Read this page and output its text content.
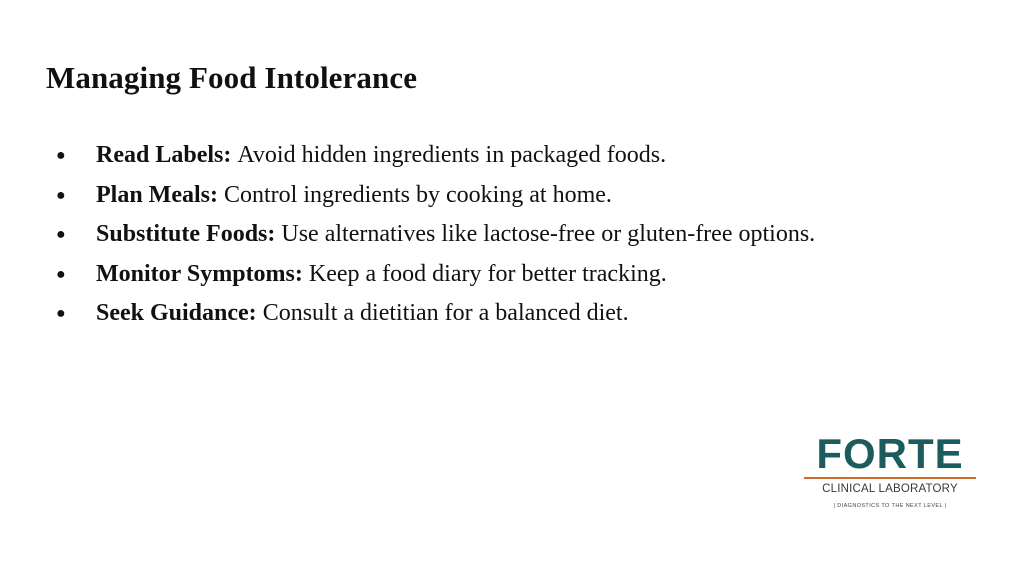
Managing Food Intolerance
●	Read Labels: Avoid hidden ingredients in packaged foods.
●	Plan Meals: Control ingredients by cooking at home.
●	Substitute Foods: Use alternatives like lactose-free or gluten-free options.
●	Monitor Symptoms: Keep a food diary for better tracking.
●	Seek Guidance: Consult a dietitian for a balanced diet.
FORTE
CLINICAL LABORATORY
| DIAGNOSTICS TO THE NEXT LEVEL |
